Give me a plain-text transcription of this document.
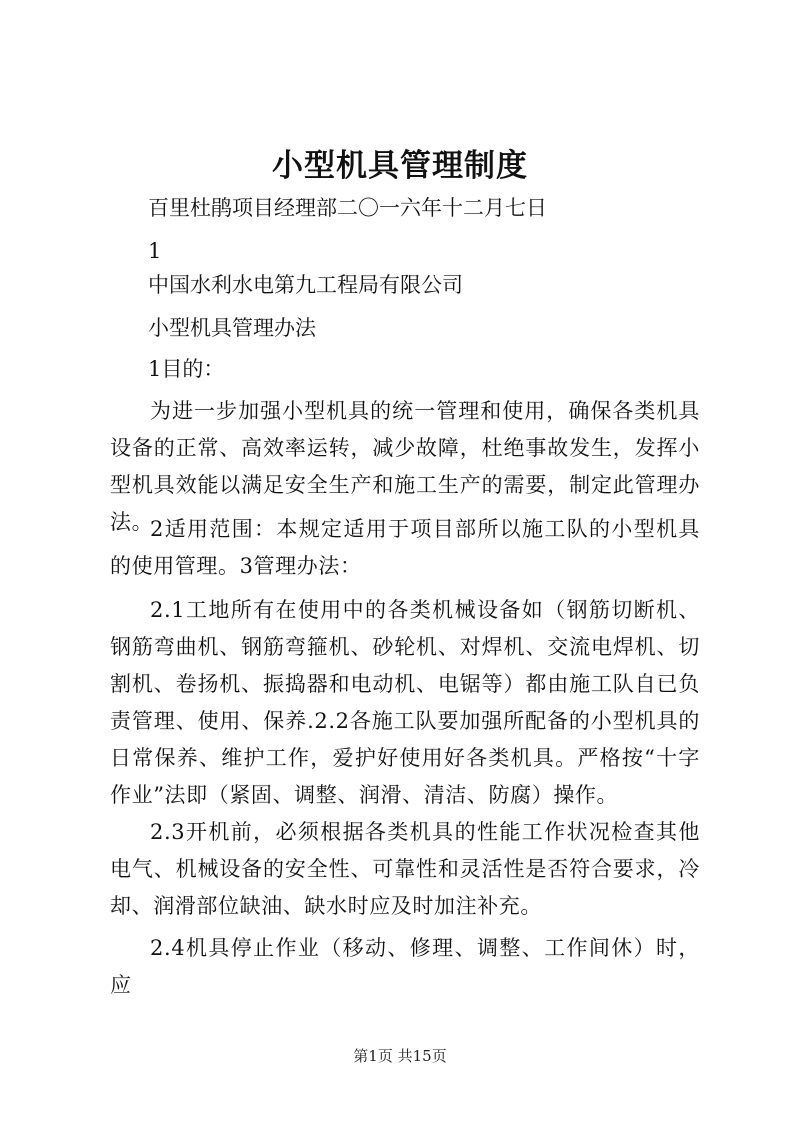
小型机具管理制度

百里杜鹃项目经理部二〇一六年十二月七日

1

中国水利水电第九工程局有限公司

小型机具管理办法

1目的：

为进一步加强小型机具的统一管理和使用，确保各类机具设备的正常、高效率运转，减少故障，杜绝事故发生，发挥小型机具效能以满足安全生产和施工生产的需要，制定此管理办法。

2适用范围：本规定适用于项目部所以施工队的小型机具的使用管理。3管理办法：

2.1工地所有在使用中的各类机械设备如（钢筋切断机、钢筋弯曲机、钢筋弯箍机、砂轮机、对焊机、交流电焊机、切割机、卷扬机、振捣器和电动机、电锯等）都由施工队自已负责管理、使用、保养.2.2各施工队要加强所配备的小型机具的日常保养、维护工作，爱护好使用好各类机具。严格按“十字作业”法即（紧固、调整、润滑、清洁、防腐）操作。

2.3开机前，必须根据各类机具的性能工作状况检查其他电气、机械设备的安全性、可靠性和灵活性是否符合要求，冷却、润滑部位缺油、缺水时应及时加注补充。

2.4机具停止作业（移动、修理、调整、工作间休）时，应

第1页 共15页
